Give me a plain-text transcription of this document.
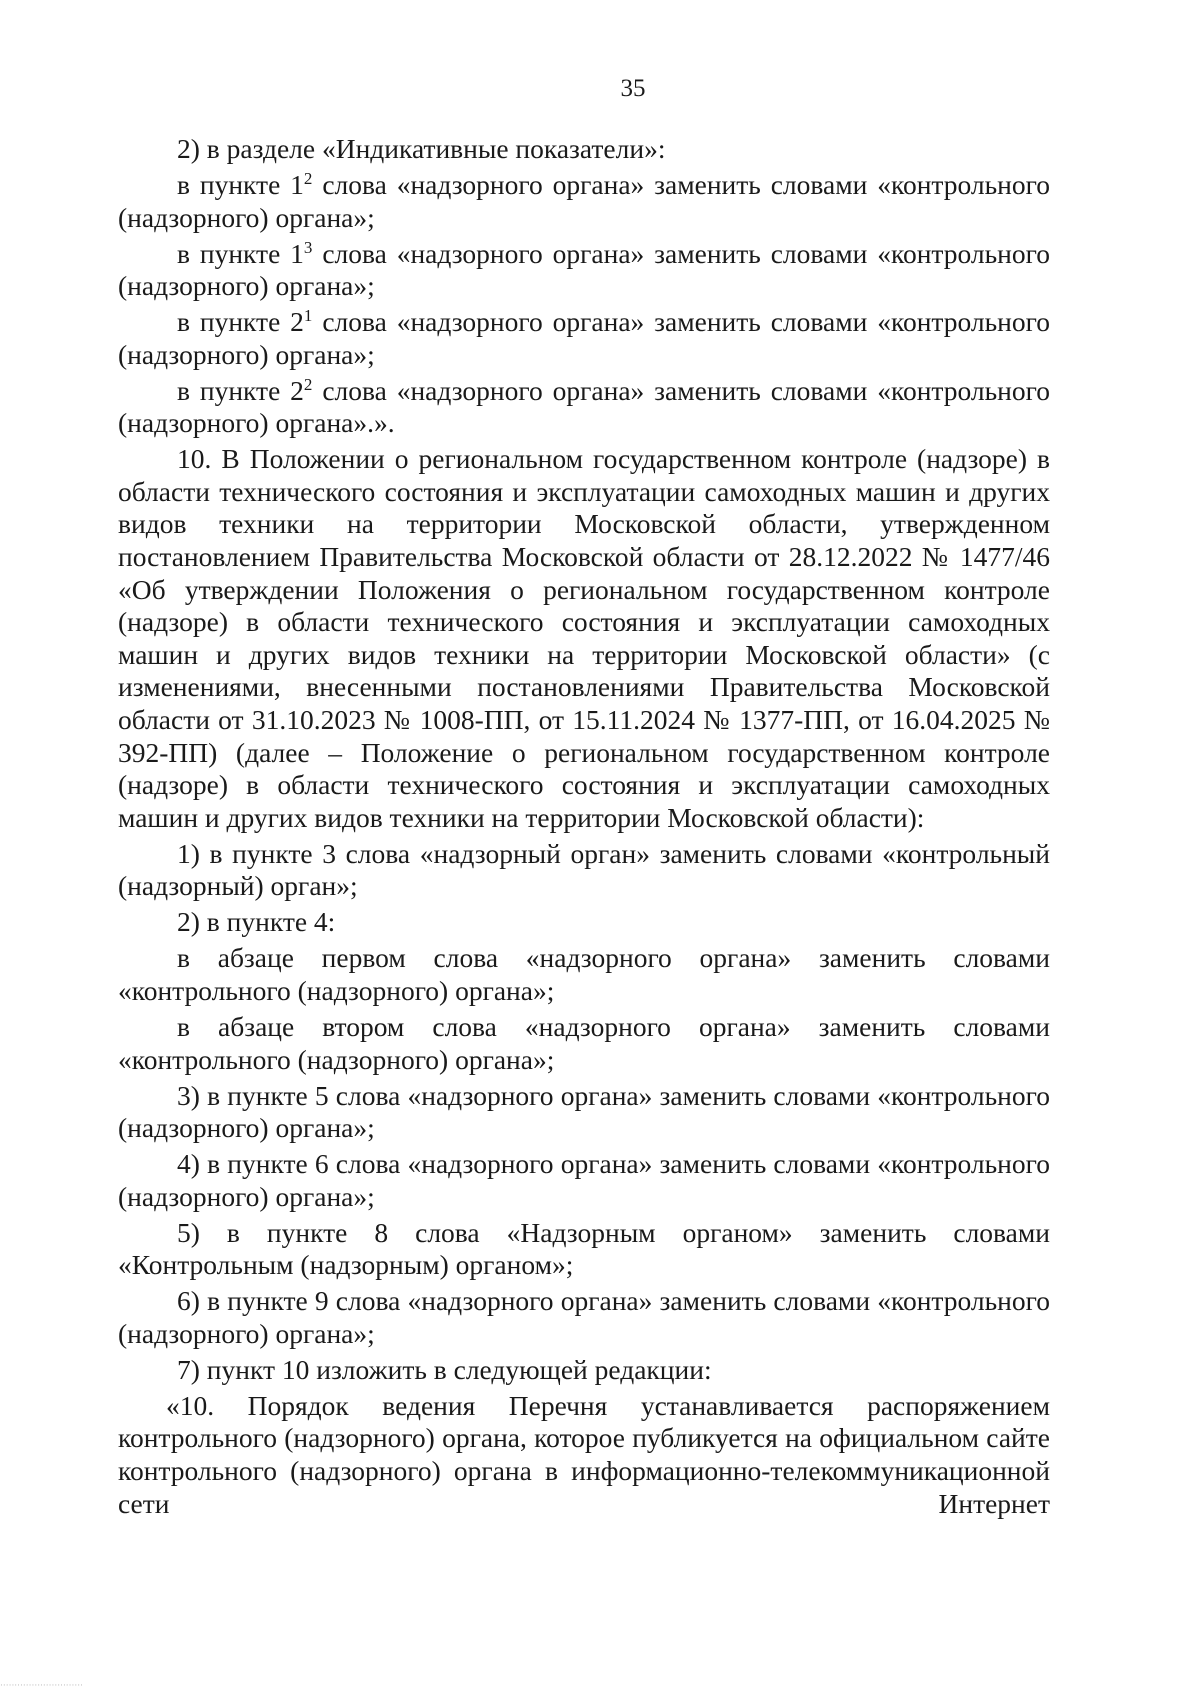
35

2) в разделе «Индикативные показатели»:

в пункте $1^2$ слова «надзорного органа» заменить словами «контрольного (надзорного) органа»;

в пункте $1^3$ слова «надзорного органа» заменить словами «контрольного (надзорного) органа»;

в пункте $2^1$ слова «надзорного органа» заменить словами «контрольного (надзорного) органа»;

в пункте $2^2$ слова «надзорного органа» заменить словами «контрольного (надзорного) органа».».

10. В Положении о региональном государственном контроле (надзоре) в области технического состояния и эксплуатации самоходных машин и других видов техники на территории Московской области, утвержденном постановлением Правительства Московской области от 28.12.2022 № 1477/46 «Об утверждении Положения о региональном государственном контроле (надзоре) в области технического состояния и эксплуатации самоходных машин и других видов техники на территории Московской области» (с изменениями, внесенными постановлениями Правительства Московской области от 31.10.2023 № 1008-ПП, от 15.11.2024 № 1377-ПП, от 16.04.2025 № 392-ПП) (далее – Положение о региональном государственном контроле (надзоре) в области технического состояния и эксплуатации самоходных машин и других видов техники на территории Московской области):

1) в пункте 3 слова «надзорный орган» заменить словами «контрольный (надзорный) орган»;

2) в пункте 4:

в абзаце первом слова «надзорного органа» заменить словами «контрольного (надзорного) органа»;

в абзаце втором слова «надзорного органа» заменить словами «контрольного (надзорного) органа»;

3) в пункте 5 слова «надзорного органа» заменить словами «контрольного (надзорного) органа»;

4) в пункте 6 слова «надзорного органа» заменить словами «контрольного (надзорного) органа»;

5) в пункте 8 слова «Надзорным органом» заменить словами «Контрольным (надзорным) органом»;

6) в пункте 9 слова «надзорного органа» заменить словами «контрольного (надзорного) органа»;

7) пункт 10 изложить в следующей редакции:

«10. Порядок ведения Перечня устанавливается распоряжением контрольного (надзорного) органа, которое публикуется на официальном сайте контрольного (надзорного) органа в информационно-телекоммуникационной сети Интернет

·····························
